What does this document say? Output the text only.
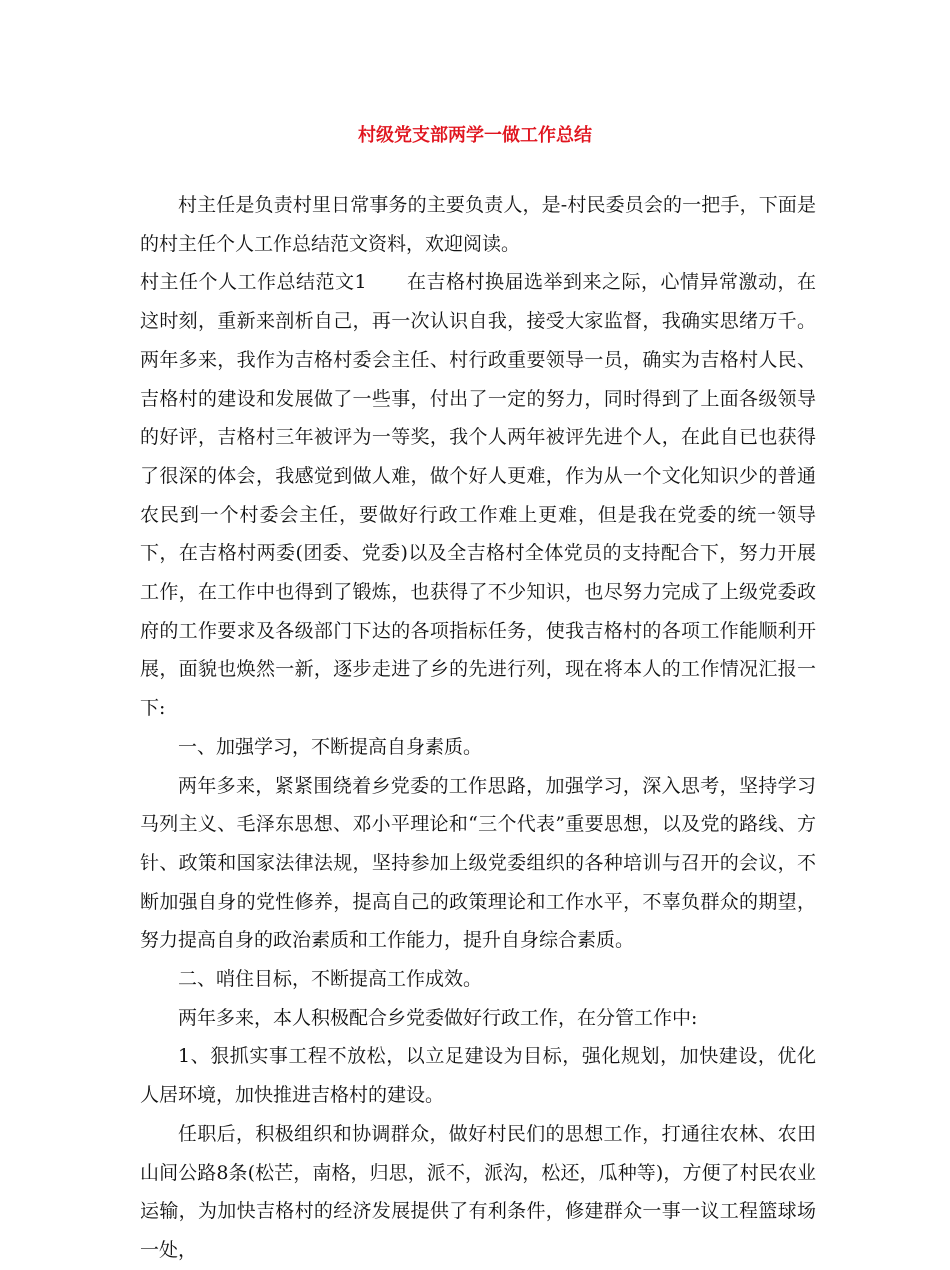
村级党支部两学一做工作总结

村主任是负责村里日常事务的主要负责人，是-村民委员会的一把手，下面是的村主任个人工作总结范文资料，欢迎阅读。

村主任个人工作总结范文1 在吉格村换届选举到来之际，心情异常激动，在这时刻，重新来剖析自己，再一次认识自我，接受大家监督，我确实思绪万千。两年多来，我作为吉格村委会主任、村行政重要领导一员，确实为吉格村人民、吉格村的建设和发展做了一些事，付出了一定的努力，同时得到了上面各级领导的好评，吉格村三年被评为一等奖，我个人两年被评先进个人，在此自已也获得了很深的体会，我感觉到做人难，做个好人更难，作为从一个文化知识少的普通农民到一个村委会主任，要做好行政工作难上更难，但是我在党委的统一领导下，在吉格村两委(团委、党委)以及全吉格村全体党员的支持配合下，努力开展工作，在工作中也得到了锻炼，也获得了不少知识，也尽努力完成了上级党委政府的工作要求及各级部门下达的各项指标任务，使我吉格村的各项工作能顺利开展，面貌也焕然一新，逐步走进了乡的先进行列，现在将本人的工作情况汇报一下:

一、加强学习，不断提高自身素质。

两年多来，紧紧围绕着乡党委的工作思路，加强学习，深入思考，坚持学习马列主义、毛泽东思想、邓小平理论和“三个代表”重要思想，以及党的路线、方针、政策和国家法律法规，坚持参加上级党委组织的各种培训与召开的会议，不断加强自身的党性修养，提高自己的政策理论和工作水平，不辜负群众的期望，努力提高自身的政治素质和工作能力，提升自身综合素质。

二、哨住目标，不断提高工作成效。

两年多来，本人积极配合乡党委做好行政工作，在分管工作中:

1、狠抓实事工程不放松，以立足建设为目标，强化规划，加快建设，优化人居环境，加快推进吉格村的建设。

任职后，积极组织和协调群众，做好村民们的思想工作，打通往农林、农田山间公路8条(松芒，南格，归思，派不，派沟，松还，瓜种等)，方便了村民农业运输，为加快吉格村的经济发展提供了有利条件，修建群众一事一议工程篮球场一处，
